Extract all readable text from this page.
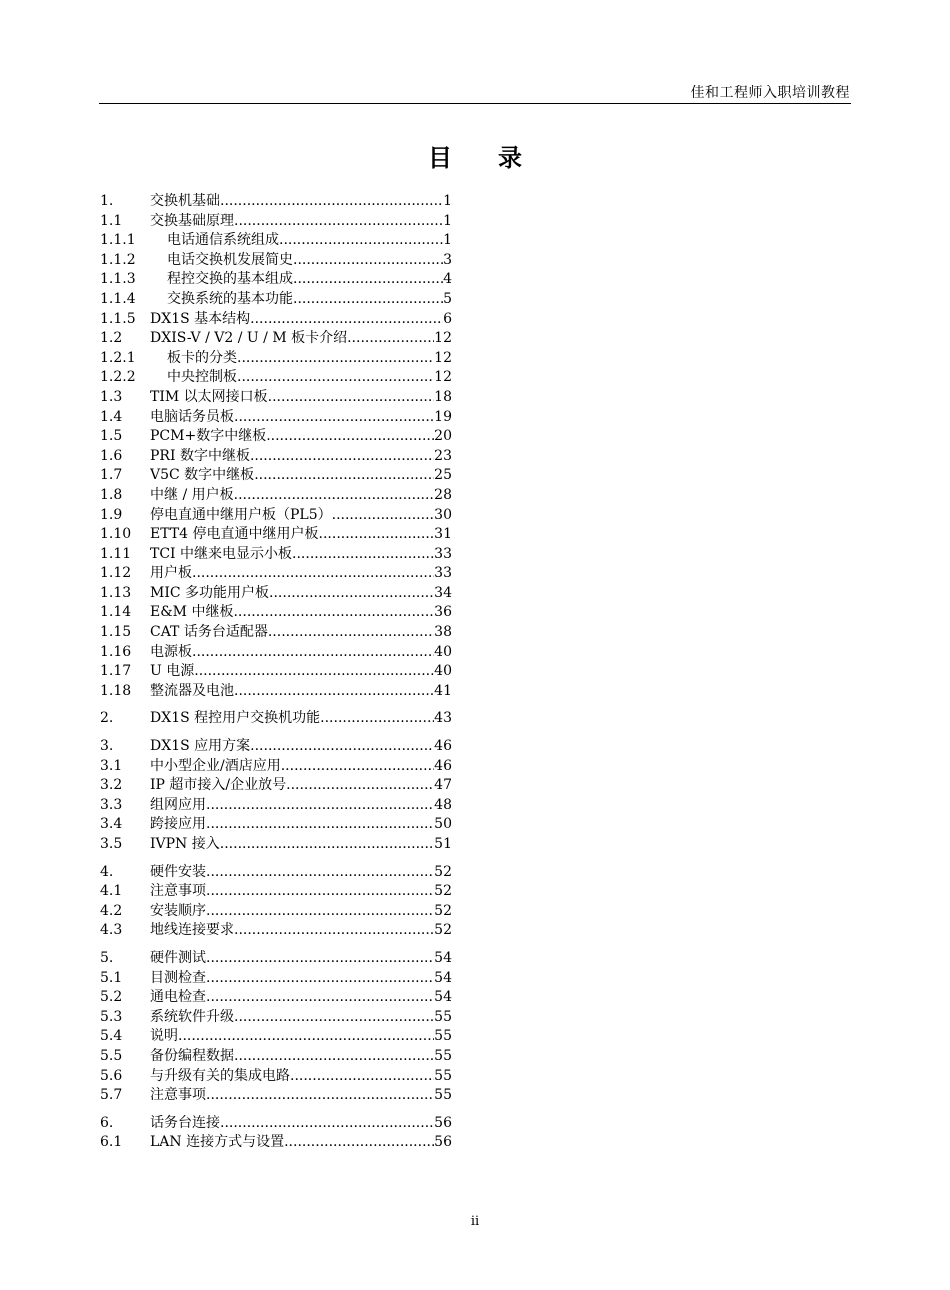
佳和工程师入职培训教程
目 录
1.	交换机基础 .....	1
1.1	交换基础原理 .....	1
1.1.1	电话通信系统组成 .....	1
1.1.2	电话交换机发展简史 .....	3
1.1.3	程控交换的基本组成 .....	4
1.1.4	交换系统的基本功能 .....	5
1.1.5	DX1S 基本结构 .....	6
1.2	DXIS-V / V2 / U / M 板卡介绍 .....	12
1.2.1	板卡的分类 .....	12
1.2.2	中央控制板 .....	12
1.3	TIM 以太网接口板 .....	18
1.4	电脑话务员板 .....	19
1.5	PCM+数字中继板 .....	20
1.6	PRI 数字中继板 .....	23
1.7	V5C 数字中继板 .....	25
1.8	中继 / 用户板 .....	28
1.9	停电直通中继用户板（PL5） .....	30
1.10	ETT4 停电直通中继用户板 .....	31
1.11	TCI 中继来电显示小板 .....	33
1.12	用户板 .....	33
1.13	MIC 多功能用户板 .....	34
1.14	E&M 中继板 .....	36
1.15	CAT 话务台适配器 .....	38
1.16	电源板 .....	40
1.17	U 电源 .....	40
1.18	整流器及电池 .....	41
2.	DX1S 程控用户交换机功能 .....	43
3.	DX1S 应用方案 .....	46
3.1	中小型企业/酒店应用 .....	46
3.2	IP 超市接入/企业放号 .....	47
3.3	组网应用 .....	48
3.4	跨接应用 .....	50
3.5	IVPN 接入 .....	51
4.	硬件安装 .....	52
4.1	注意事项 .....	52
4.2	安装顺序 .....	52
4.3	地线连接要求 .....	52
5.	硬件测试 .....	54
5.1	目测检查 .....	54
5.2	通电检查 .....	54
5.3	系统软件升级 .....	55
5.4	说明 .....	55
5.5	备份编程数据 .....	55
5.6	与升级有关的集成电路 .....	55
5.7	注意事项 .....	55
6.	话务台连接 .....	56
6.1	LAN 连接方式与设置 .....	56
ii
